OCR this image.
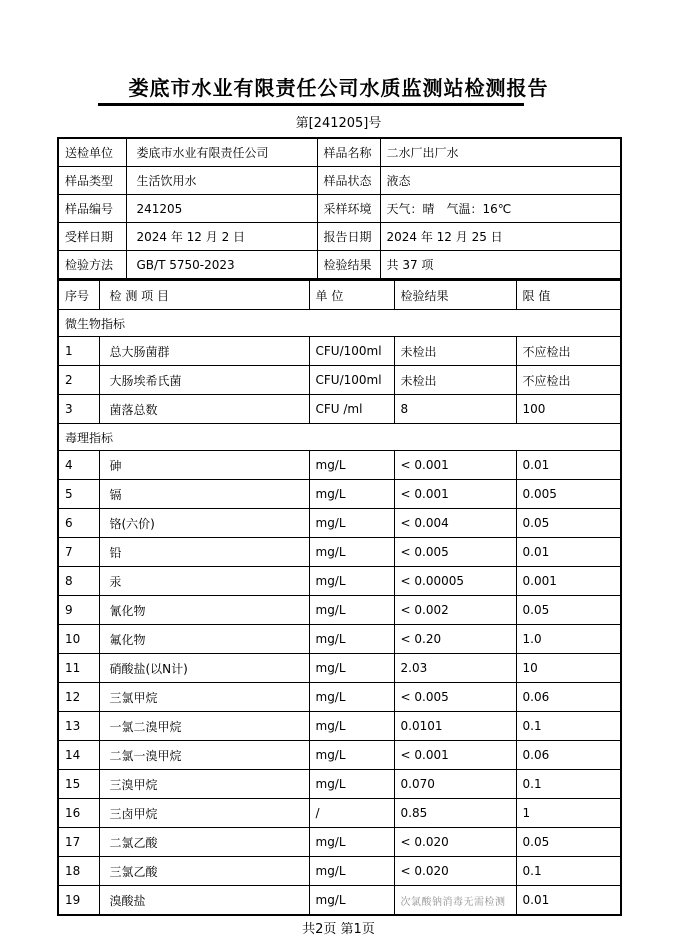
娄底市水业有限责任公司水质监测站检测报告
第[241205]号
送检单位	娄底市水业有限责任公司	样品名称	二水厂出厂水
样品类型	生活饮用水	样品状态	液态
样品编号	241205	采样环境	天气：晴　气温：16℃
受样日期	2024 年 12 月 2 日	报告日期	2024 年 12 月 25 日
检验方法	GB/T 5750-2023	检验结果	共 37 项
序号	检 测 项 目	单 位	检验结果	限 值
微生物指标				
1	总大肠菌群	CFU/100ml	未检出	不应检出
2	大肠埃希氏菌	CFU/100ml	未检出	不应检出
3	菌落总数	CFU /ml	8	100
毒理指标				
4	砷	mg/L	< 0.001	0.01
5	镉	mg/L	< 0.001	0.005
6	铬(六价)	mg/L	< 0.004	0.05
7	铅	mg/L	< 0.005	0.01
8	汞	mg/L	< 0.00005	0.001
9	氰化物	mg/L	< 0.002	0.05
10	氟化物	mg/L	< 0.20	1.0
11	硝酸盐(以N计)	mg/L	2.03	10
12	三氯甲烷	mg/L	< 0.005	0.06
13	一氯二溴甲烷	mg/L	0.0101	0.1
14	二氯一溴甲烷	mg/L	< 0.001	0.06
15	三溴甲烷	mg/L	0.070	0.1
16	三卤甲烷	/	0.85	1
17	二氯乙酸	mg/L	< 0.020	0.05
18	三氯乙酸	mg/L	< 0.020	0.1
19	溴酸盐	mg/L	次氯酸钠消毒无需检测	0.01
共2页 第1页
